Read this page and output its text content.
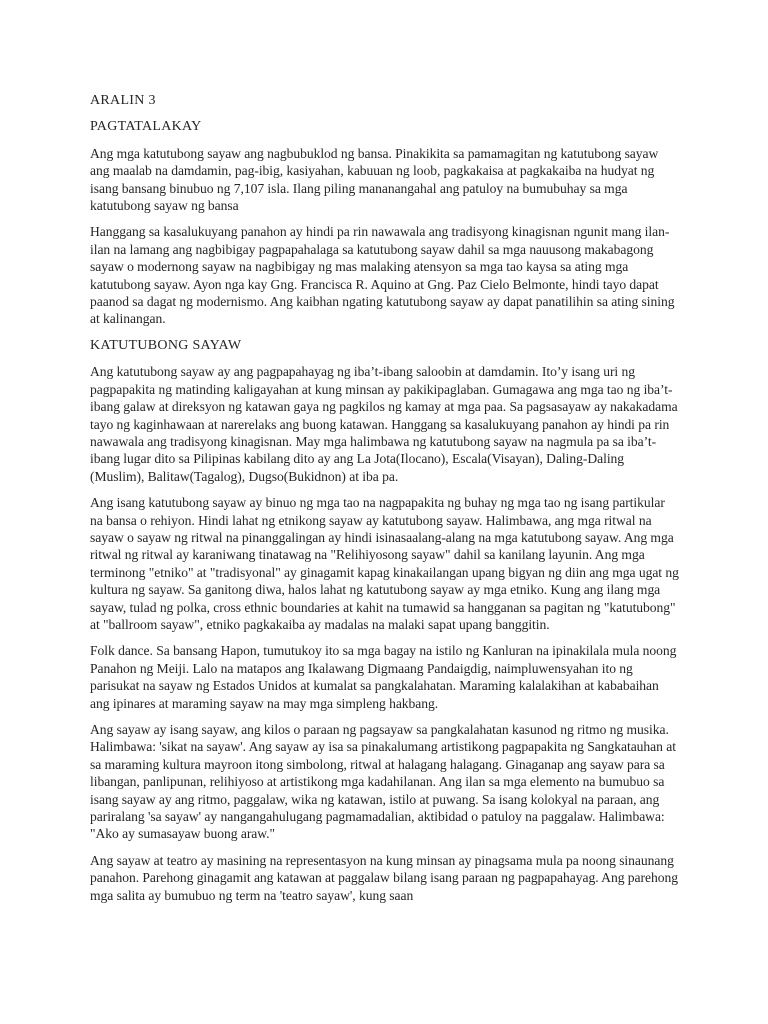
ARALIN 3
PAGTATALAKAY

Ang mga katutubong sayaw ang nagbubuklod ng bansa. Pinakikita sa pamamagitan ng katutubong sayaw ang maalab na damdamin, pag-ibig, kasiyahan, kabuuan ng loob, pagkakaisa at pagkakaiba na hudyat ng isang bansang binubuo ng 7,107 isla. Ilang piling mananangahal ang patuloy na bumubuhay sa mga katutubong sayaw ng bansa

Hanggang sa kasalukuyang panahon ay hindi pa rin nawawala ang tradisyong kinagisnan ngunit mang ilan-ilan na lamang ang nagbibigay pagpapahalaga sa katutubong sayaw dahil sa mga nauusong makabagong sayaw o modernong sayaw na nagbibigay ng mas malaking atensyon sa mga tao kaysa sa ating mga katutubong sayaw. Ayon nga kay Gng. Francisca R. Aquino at Gng. Paz Cielo Belmonte, hindi tayo dapat paanod sa dagat ng modernismo. Ang kaibhan ngating katutubong sayaw ay dapat panatilihin sa ating sining at kalinangan.

KATUTUBONG SAYAW

Ang katutubong sayaw ay ang pagpapahayag ng iba’t-ibang saloobin at damdamin. Ito’y isang uri ng pagpapakita ng matinding kaligayahan at kung minsan ay pakikipaglaban. Gumagawa ang mga tao ng iba’t-ibang galaw at direksyon ng katawan gaya ng pagkilos ng kamay at mga paa. Sa pagsasayaw ay nakakadama tayo ng kaginhawaan at narerelaks ang buong katawan. Hanggang sa kasalukuyang panahon ay hindi pa rin nawawala ang tradisyong kinagisnan. May mga halimbawa ng katutubong sayaw na nagmula pa sa iba’t-ibang lugar dito sa Pilipinas kabilang dito ay ang La Jota(Ilocano), Escala(Visayan), Daling-Daling (Muslim), Balitaw(Tagalog), Dugso(Bukidnon) at iba pa.

Ang isang katutubong sayaw ay binuo ng mga tao na nagpapakita ng buhay ng mga tao ng isang partikular na bansa o rehiyon. Hindi lahat ng etnikong sayaw ay katutubong sayaw. Halimbawa, ang mga ritwal na sayaw o sayaw ng ritwal na pinanggalingan ay hindi isinasaalang-alang na mga katutubong sayaw. Ang mga ritwal ng ritwal ay karaniwang tinatawag na "Relihiyosong sayaw" dahil sa kanilang layunin. Ang mga terminong "etniko" at "tradisyonal" ay ginagamit kapag kinakailangan upang bigyan ng diin ang mga ugat ng kultura ng sayaw. Sa ganitong diwa, halos lahat ng katutubong sayaw ay mga etniko. Kung ang ilang mga sayaw, tulad ng polka, cross ethnic boundaries at kahit na tumawid sa hangganan sa pagitan ng "katutubong" at "ballroom sayaw", etniko pagkakaiba ay madalas na malaki sapat upang banggitin.

Folk dance. Sa bansang Hapon, tumutukoy ito sa mga bagay na istilo ng Kanluran na ipinakilala mula noong Panahon ng Meiji. Lalo na matapos ang Ikalawang Digmaang Pandaigdig, naimpluwensyahan ito ng parisukat na sayaw ng Estados Unidos at kumalat sa pangkalahatan. Maraming kalalakihan at kababaihan ang ipinares at maraming sayaw na may mga simpleng hakbang.

Ang sayaw ay isang sayaw, ang kilos o paraan ng pagsayaw sa pangkalahatan kasunod ng ritmo ng musika. Halimbawa: 'sikat na sayaw'. Ang sayaw ay isa sa pinakalumang artistikong pagpapakita ng Sangkatauhan at sa maraming kultura mayroon itong simbolong, ritwal at halagang halagang. Ginaganap ang sayaw para sa libangan, panlipunan, relihiyoso at artistikong mga kadahilanan. Ang ilan sa mga elemento na bumubuo sa isang sayaw ay ang ritmo, paggalaw, wika ng katawan, istilo at puwang. Sa isang kolokyal na paraan, ang pariralang 'sa sayaw' ay nangangahulugang pagmamadalian, aktibidad o patuloy na paggalaw. Halimbawa: "Ako ay sumasayaw buong araw."

Ang sayaw at teatro ay masining na representasyon na kung minsan ay pinagsama mula pa noong sinaunang panahon. Parehong ginagamit ang katawan at paggalaw bilang isang paraan ng pagpapahayag. Ang parehong mga salita ay bumubuo ng term na 'teatro sayaw', kung saan
